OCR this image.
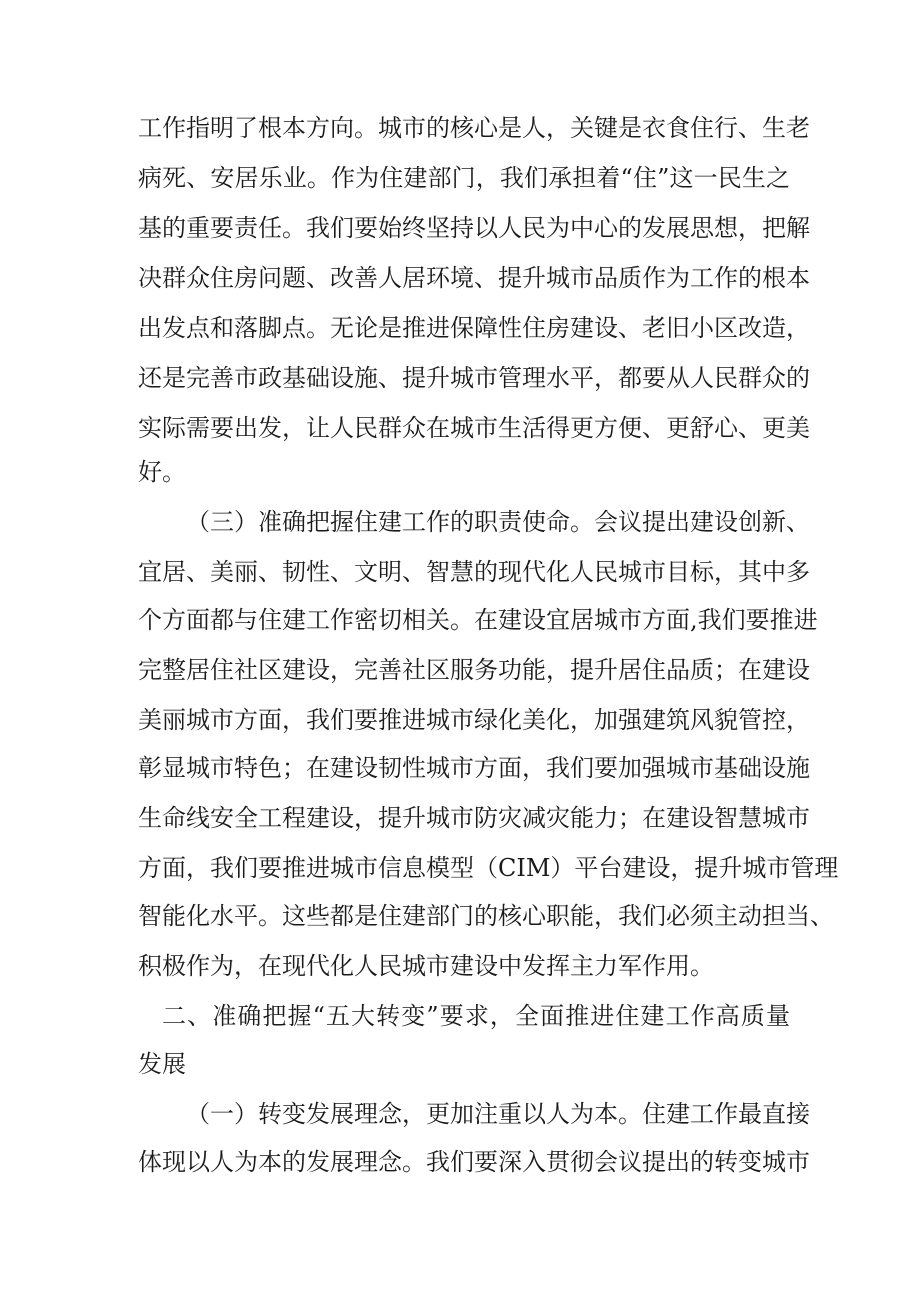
工作指明了根本方向。城市的核心是人，关键是衣食住行、生老
病死、安居乐业。作为住建部门，我们承担着“住”这一民生之
基的重要责任。我们要始终坚持以人民为中心的发展思想，把解
决群众住房问题、改善人居环境、提升城市品质作为工作的根本
出发点和落脚点。无论是推进保障性住房建设、老旧小区改造，
还是完善市政基础设施、提升城市管理水平，都要从人民群众的
实际需要出发，让人民群众在城市生活得更方便、更舒心、更美
好。
（三）准确把握住建工作的职责使命。会议提出建设创新、
宜居、美丽、韧性、文明、智慧的现代化人民城市目标，其中多
个方面都与住建工作密切相关。在建设宜居城市方面,我们要推进
完整居住社区建设，完善社区服务功能，提升居住品质；在建设
美丽城市方面，我们要推进城市绿化美化，加强建筑风貌管控，
彰显城市特色；在建设韧性城市方面，我们要加强城市基础设施
生命线安全工程建设，提升城市防灾减灾能力；在建设智慧城市
方面，我们要推进城市信息模型（CIM）平台建设，提升城市管理
智能化水平。这些都是住建部门的核心职能，我们必须主动担当、
积极作为，在现代化人民城市建设中发挥主力军作用。
二、准确把握“五大转变”要求，全面推进住建工作高质量
发展
（一）转变发展理念，更加注重以人为本。住建工作最直接
体现以人为本的发展理念。我们要深入贯彻会议提出的转变城市
